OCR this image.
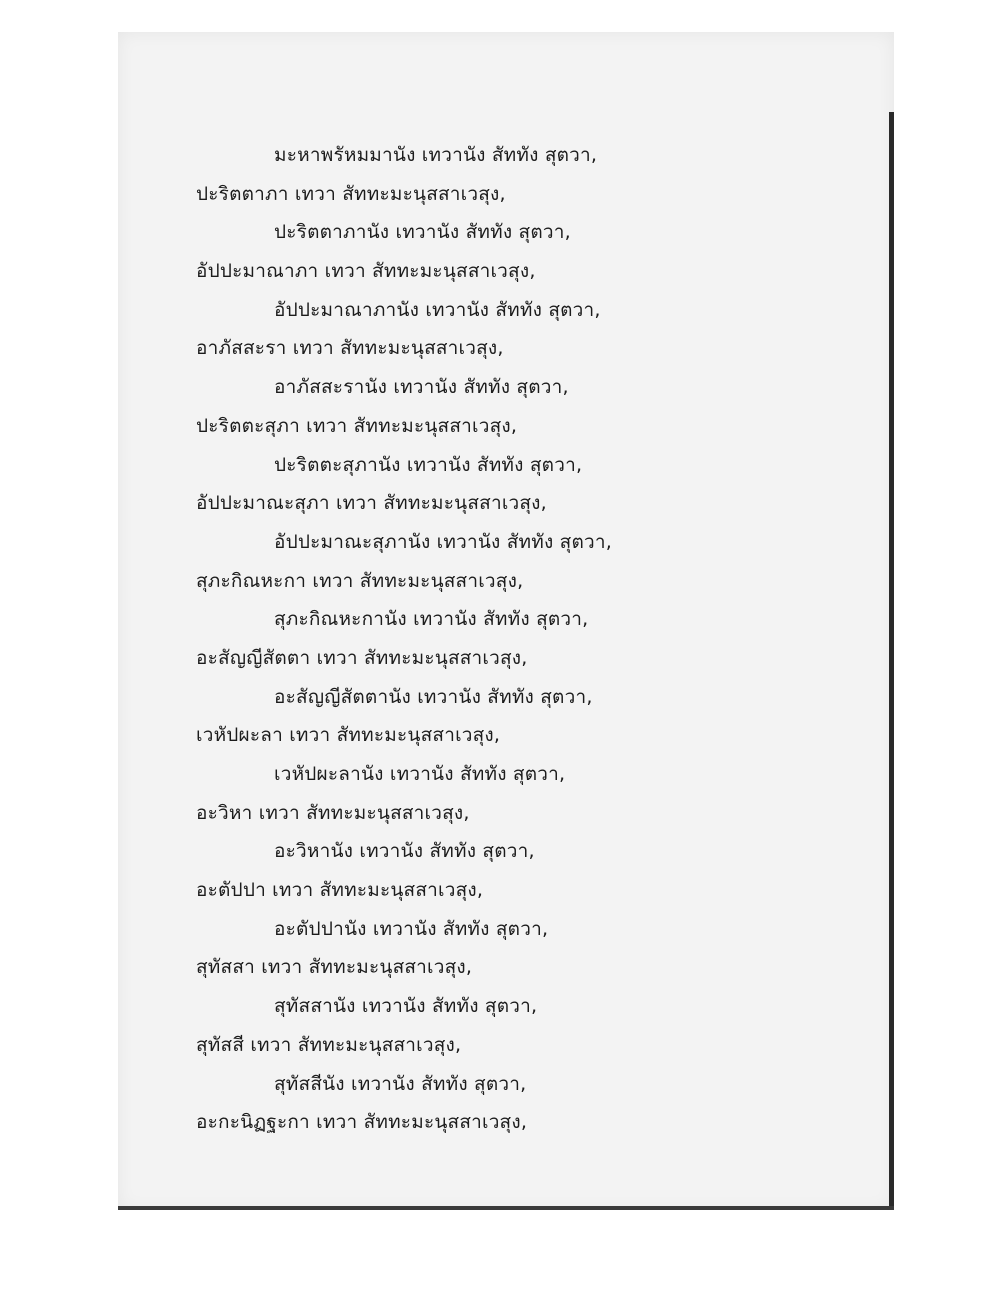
มะหาพรัหมมานัง เทวานัง สัททัง สุตวา,
ปะริตตาภา เทวา สัททะมะนุสสาเวสุง,
ปะริตตาภานัง เทวานัง สัททัง สุตวา,
อัปปะมาณาภา เทวา สัททะมะนุสสาเวสุง,
อัปปะมาณาภานัง เทวานัง สัททัง สุตวา,
อาภัสสะรา เทวา สัททะมะนุสสาเวสุง,
อาภัสสะรานัง เทวานัง สัททัง สุตวา,
ปะริตตะสุภา เทวา สัททะมะนุสสาเวสุง,
ปะริตตะสุภานัง เทวานัง สัททัง สุตวา,
อัปปะมาณะสุภา เทวา สัททะมะนุสสาเวสุง,
อัปปะมาณะสุภานัง เทวานัง สัททัง สุตวา,
สุภะกิณหะกา เทวา สัททะมะนุสสาเวสุง,
สุภะกิณหะกานัง เทวานัง สัททัง สุตวา,
อะสัญญีสัตตา เทวา สัททะมะนุสสาเวสุง,
อะสัญญีสัตตานัง เทวานัง สัททัง สุตวา,
เวหัปผะลา เทวา สัททะมะนุสสาเวสุง,
เวหัปผะลานัง เทวานัง สัททัง สุตวา,
อะวิหา เทวา สัททะมะนุสสาเวสุง,
อะวิหานัง เทวานัง สัททัง สุตวา,
อะตัปปา เทวา สัททะมะนุสสาเวสุง,
อะตัปปานัง เทวานัง สัททัง สุตวา,
สุทัสสา เทวา สัททะมะนุสสาเวสุง,
สุทัสสานัง เทวานัง สัททัง สุตวา,
สุทัสสี เทวา สัททะมะนุสสาเวสุง,
สุทัสสีนัง เทวานัง สัททัง สุตวา,
อะกะนิฏฐะกา เทวา สัททะมะนุสสาเวสุง,
